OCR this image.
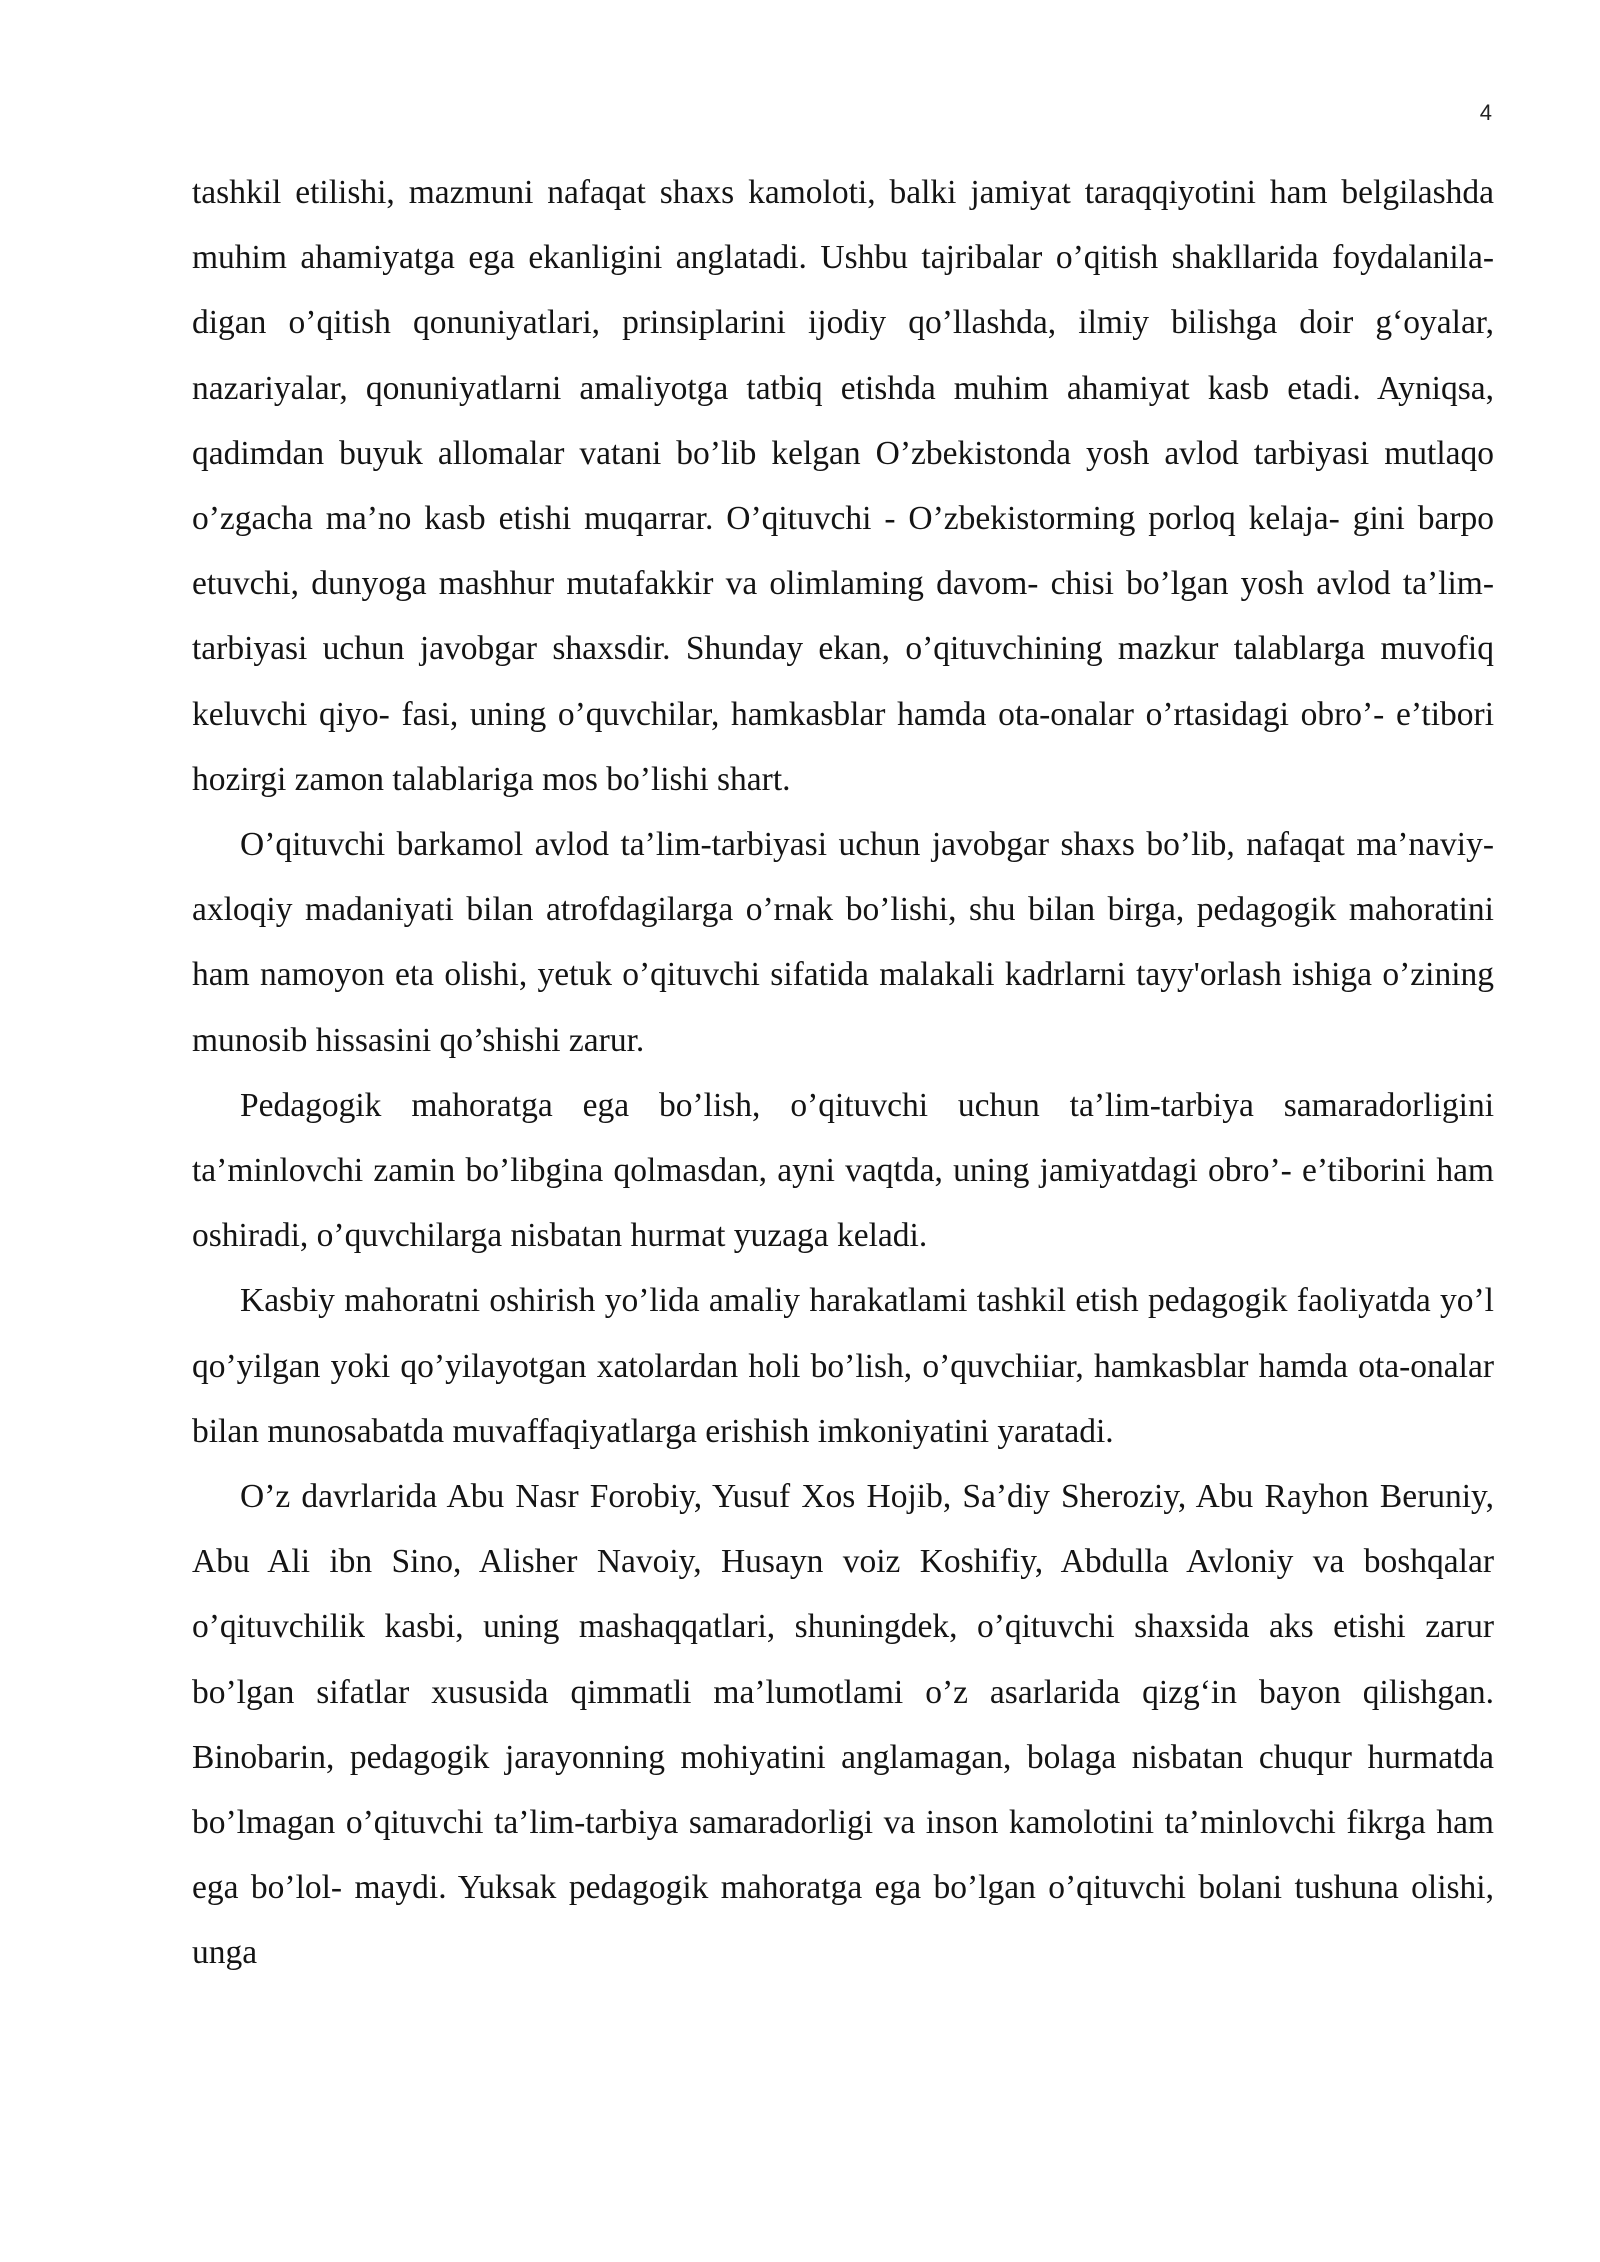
4

tashkil etilishi, mazmuni nafaqat shaxs kamoloti, balki jamiyat taraqqiyotini ham belgilashda muhim ahamiyatga ega ekanligini anglatadi. Ushbu tajribalar o’qitish shakllarida foydalanila- digan o’qitish qonuniyatlari, prinsiplarini ijodiy qo’llashda, ilmiy bilishga doir g‘oyalar, nazariyalar, qonuniyatlarni amaliyotga tatbiq etishda muhim ahamiyat kasb etadi. Ayniqsa, qadimdan buyuk allomalar vatani bo’lib kelgan O’zbekistonda yosh avlod tarbiyasi mutlaqo o’zgacha ma’no kasb etishi muqarrar. O’qituvchi - O’zbekistorming porloq kelaja- gini barpo etuvchi, dunyoga mashhur mutafakkir va olimlaming davom- chisi bo’lgan yosh avlod ta’lim-tarbiyasi uchun javobgar shaxsdir. Shunday ekan, o’qituvchining mazkur talablarga muvofiq keluvchi qiyo- fasi, uning o’quvchilar, hamkasblar hamda ota-onalar o’rtasidagi obro’- e’tibori hozirgi zamon talablariga mos bo’lishi shart.

O’qituvchi barkamol avlod ta’lim-tarbiyasi uchun javobgar shaxs bo’lib, nafaqat ma’naviy-axloqiy madaniyati bilan atrofdagilarga o’rnak bo’lishi, shu bilan birga, pedagogik mahoratini ham namoyon eta olishi, yetuk o’qituvchi sifatida malakali kadrlarni tayy'orlash ishiga o’zining munosib hissasini qo’shishi zarur.

Pedagogik mahoratga ega bo’lish, o’qituvchi uchun ta’lim-tarbiya samaradorligini ta’minlovchi zamin bo’libgina qolmasdan, ayni vaqtda, uning jamiyatdagi obro’- e’tiborini ham oshiradi, o’quvchilarga nisbatan hurmat yuzaga keladi.

Kasbiy mahoratni oshirish yo’lida amaliy harakatlami tashkil etish pedagogik faoliyatda yo’l qo’yilgan yoki qo’yilayotgan xatolardan holi bo’lish, o’quvchiiar, hamkasblar hamda ota-onalar bilan munosabatda muvaffaqiyatlarga erishish imkoniyatini yaratadi.

O’z davrlarida Abu Nasr Forobiy, Yusuf Xos Hojib, Sa’diy Sheroziy, Abu Rayhon Beruniy, Abu Ali ibn Sino, Alisher Navoiy, Husayn voiz Koshifiy, Abdulla Avloniy va boshqalar o’qituvchilik kasbi, uning mashaqqatlari, shuningdek, o’qituvchi shaxsida aks etishi zarur bo’lgan sifatlar xususida qimmatli ma’lumotlami o’z asarlarida qizg‘in bayon qilishgan. Binobarin, pedagogik jarayonning mohiyatini anglamagan, bolaga nisbatan chuqur hurmatda bo’lmagan o’qituvchi ta’lim-tarbiya samaradorligi va inson kamolotini ta’minlovchi fikrga ham ega bo’lol- maydi. Yuksak pedagogik mahoratga ega bo’lgan o’qituvchi bolani tushuna olishi, unga
